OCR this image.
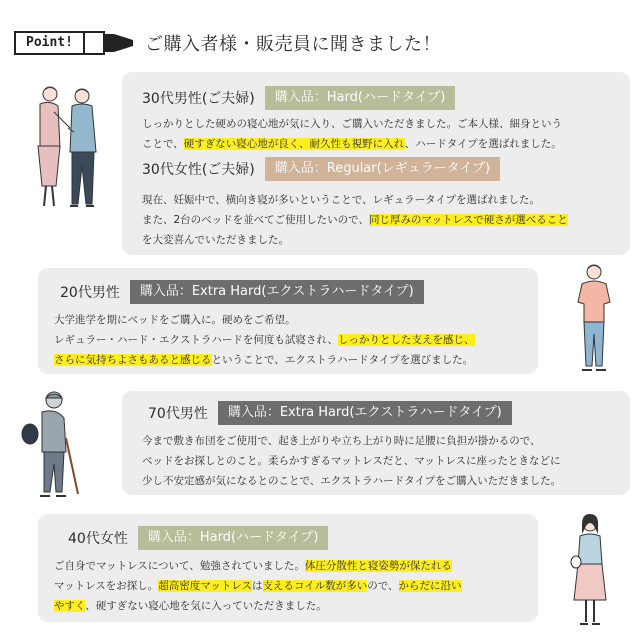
Point!	ご購入者様・販売員に聞きました！
30代男性(ご夫婦)	購入品：Hard(ハードタイプ)
しっかりとした硬めの寝心地が気に入り、ご購入いただきました。ご本人様、細身という
ことで、硬すぎない寝心地が良く、耐久性も視野に入れ、ハードタイプを選ばれました。
30代女性(ご夫婦)	購入品：Regular(レギュラータイプ)
現在、妊娠中で、横向き寝が多いということで、レギュラータイプを選ばれました。
また、2台のベッドを並べてご使用したいので、同じ厚みのマットレスで硬さが選べること
を大変喜んでいただきました。
20代男性	購入品：Extra Hard(エクストラハードタイプ)
大学進学を期にベッドをご購入に。硬めをご希望。
レギュラー・ハード・エクストラハードを何度も試寝され、しっかりとした支えを感じ、
さらに気持ちよさもあると感じるということで、エクストラハードタイプを選びました。
70代男性	購入品：Extra Hard(エクストラハードタイプ)
今まで敷き布団をご使用で、起き上がりや立ち上がり時に足腰に負担が掛かるので、
ベッドをお探しとのこと。柔らかすぎるマットレスだと、マットレスに座ったときなどに
少し不安定感が気になるとのことで、エクストラハードタイプをご購入いただきました。
40代女性	購入品：Hard(ハードタイプ)
ご自身でマットレスについて、勉強されていました。体圧分散性と寝姿勢が保たれる
マットレスをお探し。超高密度マットレスは支えるコイル数が多いので、からだに沿い
やすく、硬すぎない寝心地を気に入っていただきました。
